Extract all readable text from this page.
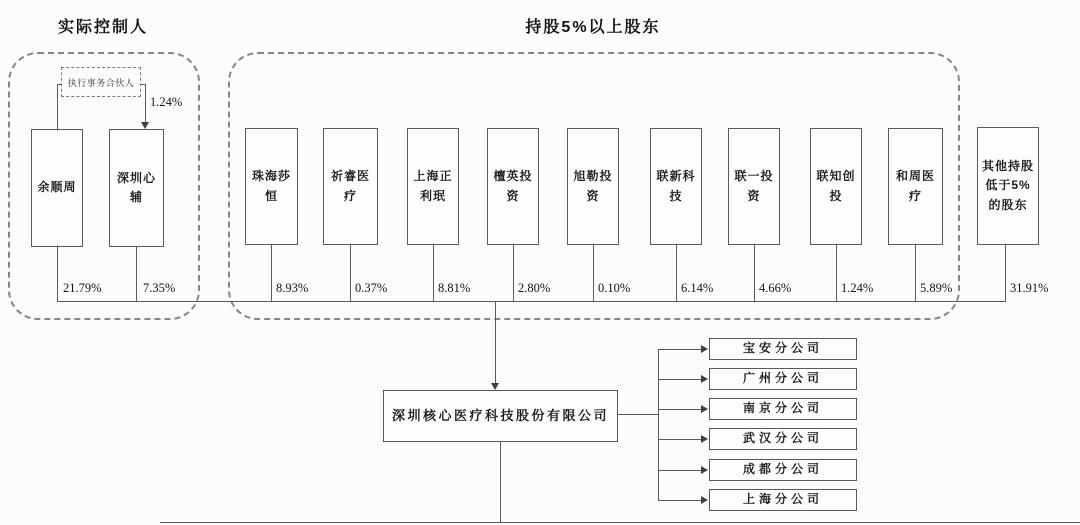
实际控制人
执行事务合伙人
1.24%
余顺周
深圳心辅
21.79%	7.35%
持股5%以上股东
珠海莎恒
祈睿医疗
上海正利珉
檀英投资
旭勒投资
联新科技
联一投资
联知创投
和周医疗
其他持股低于5%的股东
8.93%	0.37%	8.81%	2.80%	0.10%	6.14%	4.66%	1.24%	5.89%	31.91%
深圳核心医疗科技股份有限公司
宝安分公司
广州分公司
南京分公司
武汉分公司
成都分公司
上海分公司
